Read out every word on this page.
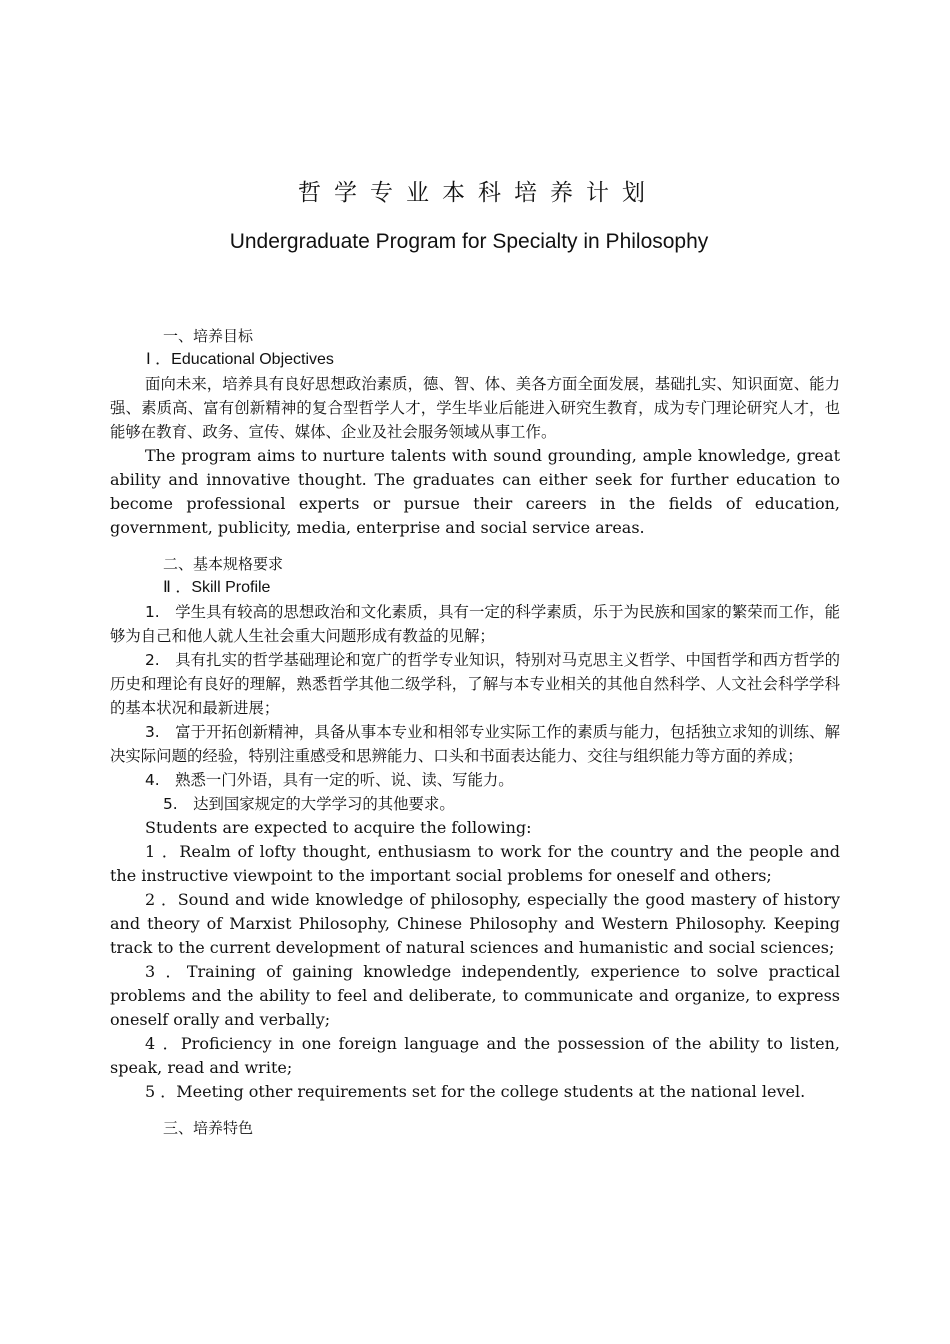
哲学专业本科培养计划
Undergraduate Program for Specialty in Philosophy
一、培养目标
Ⅰ ．Educational Objectives
面向未来，培养具有良好思想政治素质，德、智、体、美各方面全面发展，基础扎实、知识面宽、能力强、素质高、富有创新精神的复合型哲学人才，学生毕业后能进入研究生教育，成为专门理论研究人才，也能够在教育、政务、宣传、媒体、企业及社会服务领域从事工作。
The program aims to nurture talents with sound grounding, ample knowledge, great ability and innovative thought. The graduates can either seek for further education to become professional experts or pursue their careers in the fields of education, government, publicity, media, enterprise and social service areas.
二、基本规格要求
Ⅱ ．Skill Profile
1.　学生具有较高的思想政治和文化素质，具有一定的科学素质，乐于为民族和国家的繁荣而工作，能够为自己和他人就人生社会重大问题形成有教益的见解；
2.　具有扎实的哲学基础理论和宽广的哲学专业知识，特别对马克思主义哲学、中国哲学和西方哲学的历史和理论有良好的理解，熟悉哲学其他二级学科，了解与本专业相关的其他自然科学、人文社会科学学科的基本状况和最新进展；
3.　富于开拓创新精神，具备从事本专业和相邻专业实际工作的素质与能力，包括独立求知的训练、解决实际问题的经验，特别注重感受和思辨能力、口头和书面表达能力、交往与组织能力等方面的养成；
4.　熟悉一门外语，具有一定的听、说、读、写能力。
5.　达到国家规定的大学学习的其他要求。
Students are expected to acquire the following:
1 ．Realm of lofty thought, enthusiasm to work for the country and the people and the instructive viewpoint to the important social problems for oneself and others;
2 ．Sound and wide knowledge of philosophy, especially the good mastery of history and theory of Marxist Philosophy, Chinese Philosophy and Western Philosophy. Keeping track to the current development of natural sciences and humanistic and social sciences;
3 ．Training of gaining knowledge independently, experience to solve practical problems and the ability to feel and deliberate, to communicate and organize, to express oneself orally and verbally;
4 ．Proficiency in one foreign language and the possession of the ability to listen, speak, read and write;
5 ．Meeting other requirements set for the college students at the national level.
三、培养特色
